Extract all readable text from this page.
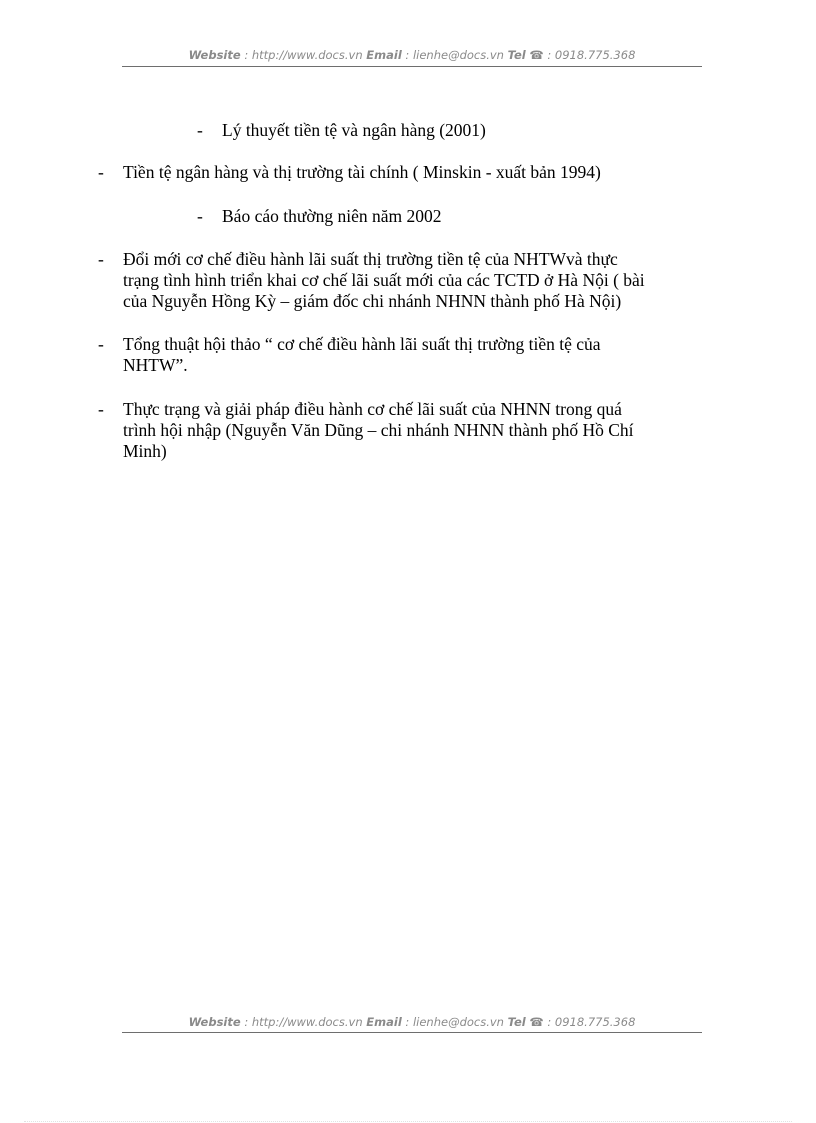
Website : http://www.docs.vn Email : lienhe@docs.vn Tel ☎ : 0918.775.368
- Lý thuyết tiền tệ và ngân hàng (2001)
- Tiền tệ ngân hàng và thị trường tài chính ( Minskin - xuất bản 1994)
- Báo cáo thường niên năm 2002
- Đổi mới cơ chế điều hành lãi suất thị trường tiền tệ của NHTWvà thực
trạng tình hình triển khai cơ chế lãi suất mới của các TCTD ở Hà Nội ( bài
của Nguyễn Hồng Kỳ – giám đốc chi nhánh NHNN thành phố Hà Nội)
- Tổng thuật hội thảo “ cơ chế điều hành lãi suất thị trường tiền tệ của
NHTW”.
- Thực trạng và giải pháp điều hành cơ chế lãi suất của NHNN trong quá
trình hội nhập (Nguyễn Văn Dũng – chi nhánh NHNN thành phố Hồ Chí
Minh)
Website : http://www.docs.vn Email : lienhe@docs.vn Tel ☎ : 0918.775.368
